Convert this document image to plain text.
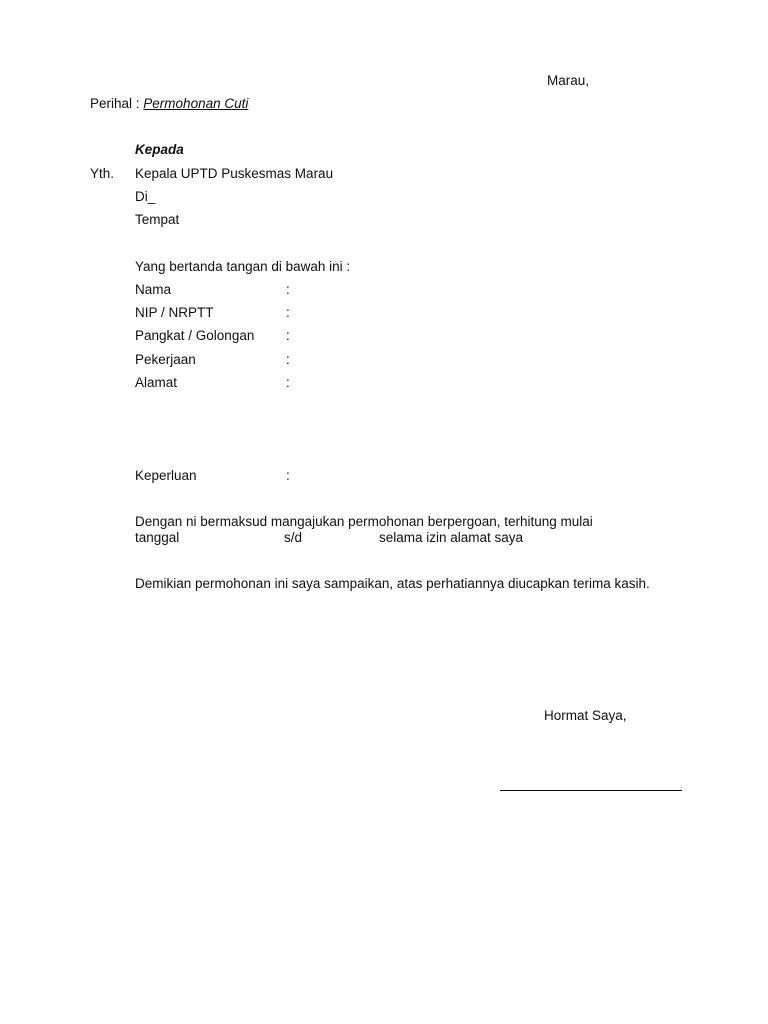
Marau,
Perihal : Permohonan Cuti
Kepada
Yth. Kepala UPTD Puskesmas Marau
Di_
Tempat
Yang bertanda tangan di bawah ini :
Nama	:
NIP / NRPTT	:
Pangkat / Golongan :
Pekerjaan	:
Alamat	:
Keperluan	:
Dengan ni bermaksud mangajukan permohonan berpergoan, terhitung mulai
tanggal	s/d	selama izin alamat saya
Demikian permohonan ini saya sampaikan, atas perhatiannya diucapkan terima kasih.
Hormat Saya,
